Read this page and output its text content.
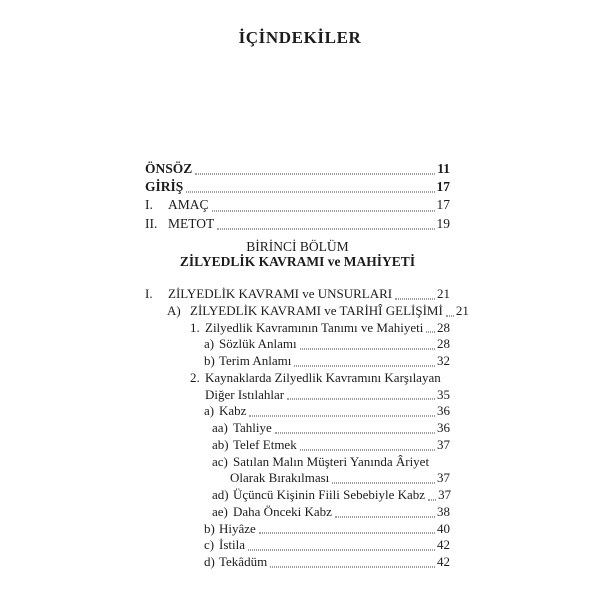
İÇİNDEKİLER
ÖNSÖZ	11
GİRİŞ	17
I.	AMAÇ	17
II. METOT	19
BİRİNCİ BÖLÜM
ZİLYEDLİK KAVRAMI ve MAHİYETİ
I.	ZİLYEDLİK KAVRAMI ve UNSURLARI	21
A) ZİLYEDLİK KAVRAMI ve TARİHÎ GELİŞİMİ 21
1. Zilyedlik Kavramının Tanımı ve Mahiyeti 28
a) Sözlük Anlamı	28
b) Terim Anlamı	32
2. Kaynaklarda Zilyedlik Kavramını Karşılayan
Diğer Istılahlar	35
a) Kabz	36
aa) Tahliye	36
ab) Telef Etmek	37
ac) Satılan Malın Müşteri Yanında Âriyet
Olarak Bırakılması	37
ad) Üçüncü Kişinin Fiili Sebebiyle Kabz 37
ae) Daha Önceki Kabz	38
b) Hiyâze	40
c) İstila	42
d) Tekâdüm	42
